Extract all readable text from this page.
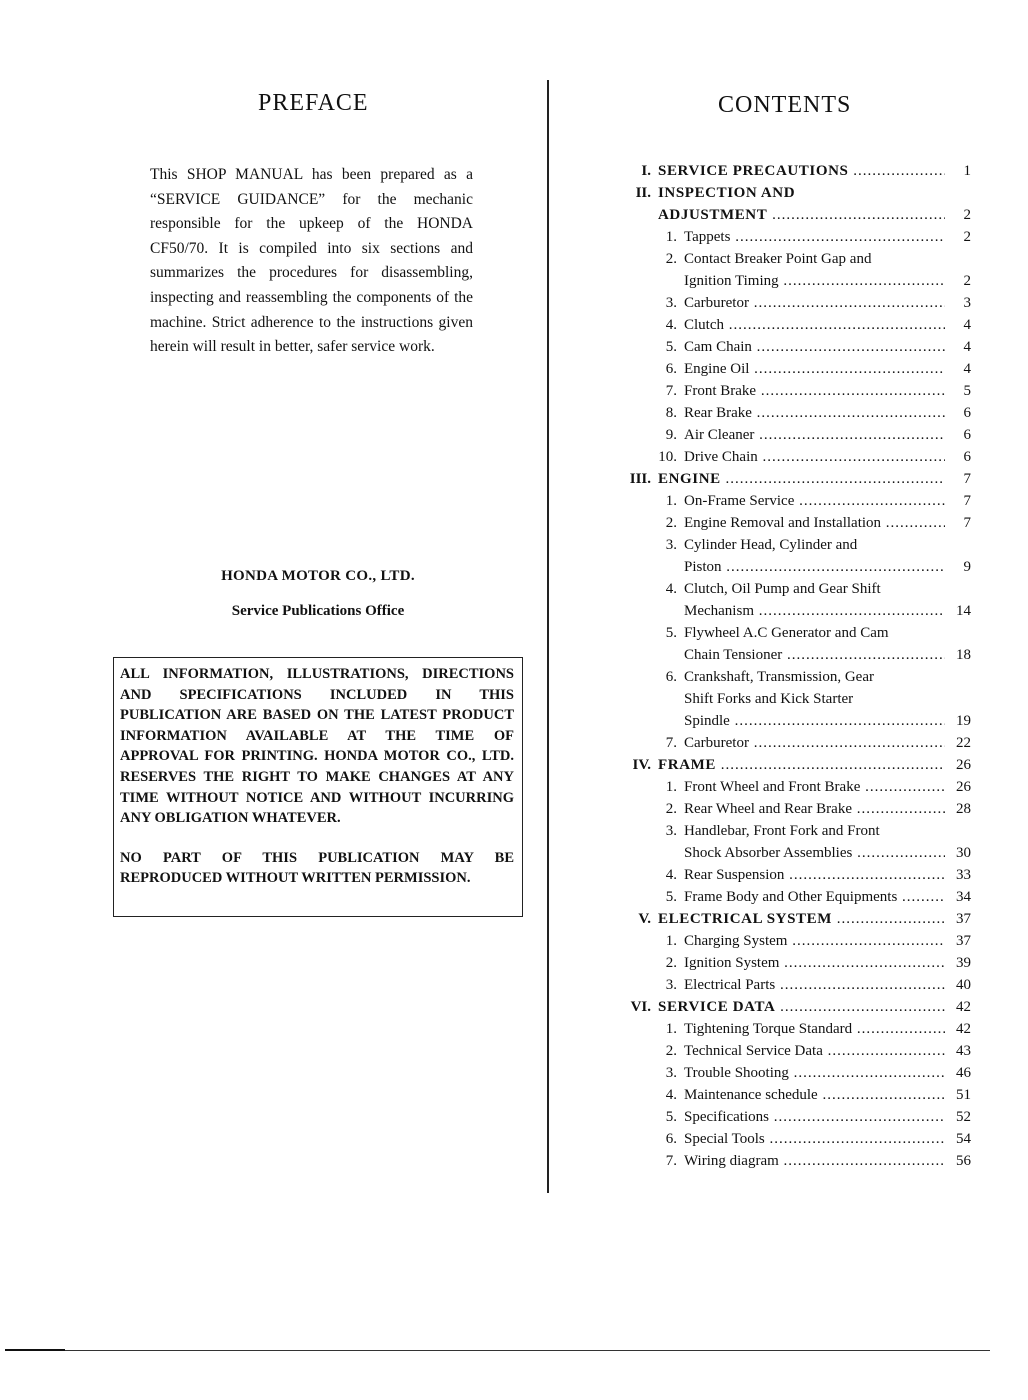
PREFACE	CONTENTS

This SHOP MANUAL has been prepared as a “SERVICE GUIDANCE” for the mechanic responsible for the upkeep of the HONDA CF50/70. It is compiled into six sections and summarizes the procedures for disassembling, inspecting and reassembling the components of the machine. Strict adherence to the instructions given herein will result in better, safer service work.

HONDA MOTOR CO., LTD.

Service Publications Office

ALL INFORMATION, ILLUSTRATIONS, DIRECTIONS AND SPECIFICATIONS INCLUDED IN THIS PUBLICATION ARE BASED ON THE LATEST PRODUCT INFORMATION AVAILABLE AT THE TIME OF APPROVAL FOR PRINTING. HONDA MOTOR CO., LTD. RESERVES THE RIGHT TO MAKE CHANGES AT ANY TIME WITHOUT NOTICE AND WITHOUT INCURRING ANY OBLIGATION WHATEVER.

NO PART OF THIS PUBLICATION MAY BE REPRODUCED WITHOUT WRITTEN PERMISSION.

I. SERVICE PRECAUTIONS .....	1
II. INSPECTION AND
ADJUSTMENT .....	2
1. Tappets .....	2
2. Contact Breaker Point Gap and
Ignition Timing .....	2
3. Carburetor .....	3
4. Clutch .....	4
5. Cam Chain .....	4
6. Engine Oil .....	4
7. Front Brake .....	5
8. Rear Brake .....	6
9. Air Cleaner .....	6
10. Drive Chain .....	6
III. ENGINE .....	7
1. On-Frame Service .....	7
2. Engine Removal and Installation .....	7
3. Cylinder Head, Cylinder and
Piston .....	9
4. Clutch, Oil Pump and Gear Shift
Mechanism .....	14
5. Flywheel A.C Generator and Cam
Chain Tensioner .....	18
6. Crankshaft, Transmission, Gear
Shift Forks and Kick Starter
Spindle .....	19
7. Carburetor .....	22
IV. FRAME .....	26
1. Front Wheel and Front Brake .....	26
2. Rear Wheel and Rear Brake .....	28
3. Handlebar, Front Fork and Front
Shock Absorber Assemblies .....	30
4. Rear Suspension .....	33
5. Frame Body and Other Equipments .....	34
V. ELECTRICAL SYSTEM .....	37
1. Charging System .....	37
2. Ignition System .....	39
3. Electrical Parts .....	40
VI. SERVICE DATA .....	42
1. Tightening Torque Standard .....	42
2. Technical Service Data .....	43
3. Trouble Shooting .....	46
4. Maintenance schedule .....	51
5. Specifications .....	52
6. Special Tools .....	54
7. Wiring diagram .....	56
